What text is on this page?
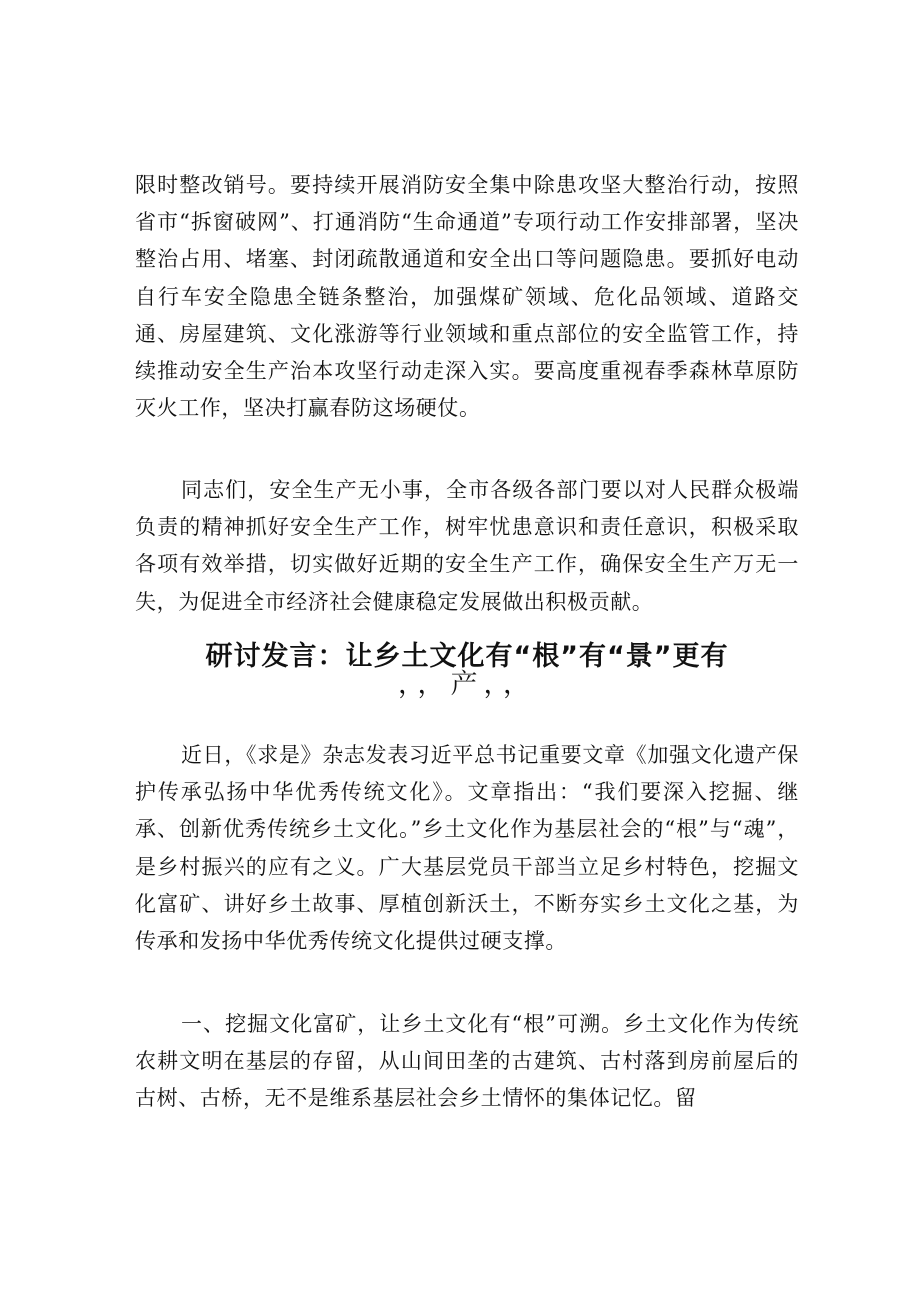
限时整改销号。要持续开展消防安全集中除患攻坚大整治行动，按照省市“拆窗破网”、打通消防“生命通道”专项行动工作安排部署，坚决整治占用、堵塞、封闭疏散通道和安全出口等问题隐患。要抓好电动自行车安全隐患全链条整治，加强煤矿领域、危化品领域、道路交通、房屋建筑、文化涨游等行业领域和重点部位的安全监管工作，持续推动安全生产治本攻坚行动走深入实。要高度重视春季森林草原防灭火工作，坚决打赢春防这场硬仗。

同志们，安全生产无小事，全市各级各部门要以对人民群众极端负责的精神抓好安全生产工作，树牢忧患意识和责任意识，积极采取各项有效举措，切实做好近期的安全生产工作，确保安全生产万无一失，为促进全市经济社会健康稳定发展做出积极贡献。

研讨发言：让乡土文化有“根”有“景”更有
，，产，，

近日，《求是》杂志发表习近平总书记重要文章《加强文化遗产保护传承弘扬中华优秀传统文化》。文章指出：“我们要深入挖掘、继承、创新优秀传统乡土文化。”乡土文化作为基层社会的“根”与“魂”，是乡村振兴的应有之义。广大基层党员干部当立足乡村特色，挖掘文化富矿、讲好乡土故事、厚植创新沃土，不断夯实乡土文化之基，为传承和发扬中华优秀传统文化提供过硬支撑。

一、挖掘文化富矿，让乡土文化有“根”可溯。乡土文化作为传统农耕文明在基层的存留，从山间田垄的古建筑、古村落到房前屋后的古树、古桥，无不是维系基层社会乡土情怀的集体记忆。留
